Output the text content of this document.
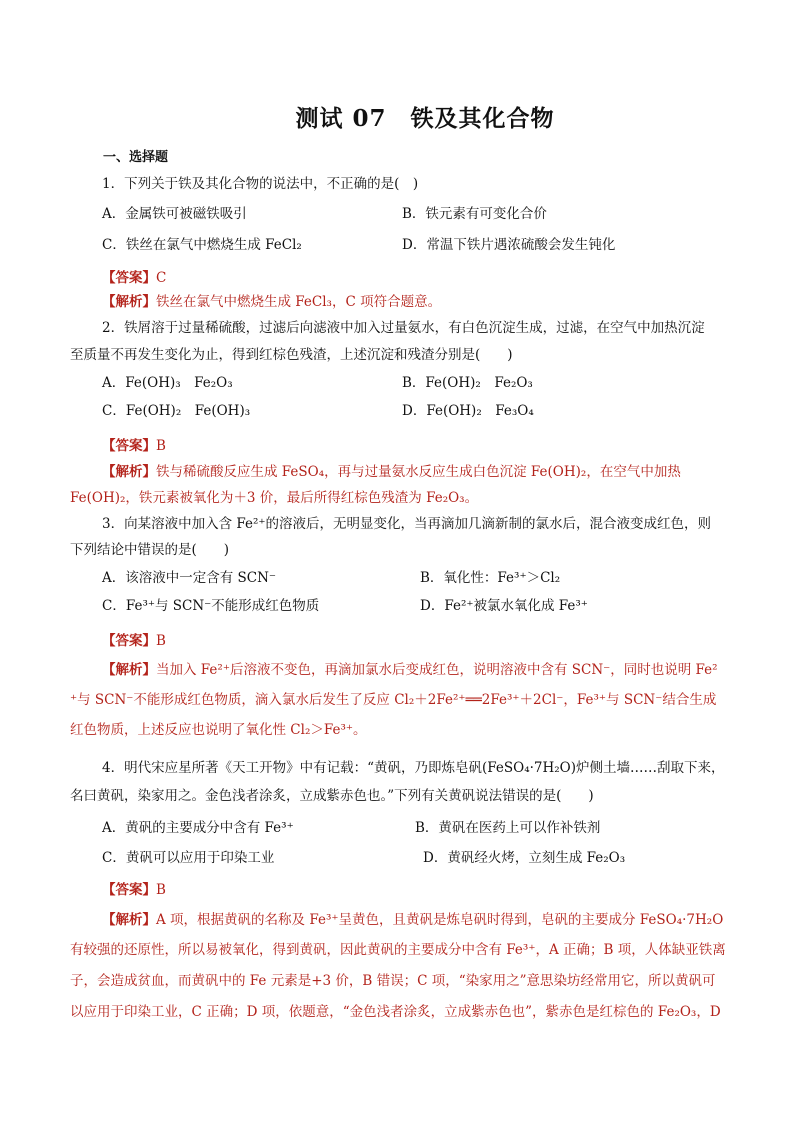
测试 07　铁及其化合物
一、选择题
1．下列关于铁及其化合物的说法中，不正确的是(　)
A．金属铁可被磁铁吸引	B．铁元素有可变化合价
C．铁丝在氯气中燃烧生成 FeCl₂	D．常温下铁片遇浓硫酸会发生钝化
【答案】C
【解析】铁丝在氯气中燃烧生成 FeCl₃，C 项符合题意。
2．铁屑溶于过量稀硫酸，过滤后向滤液中加入过量氨水，有白色沉淀生成，过滤，在空气中加热沉淀
至质量不再发生变化为止，得到红棕色残渣，上述沉淀和残渣分别是(　　)
A．Fe(OH)₃　Fe₂O₃	B．Fe(OH)₂　Fe₂O₃
C．Fe(OH)₂　Fe(OH)₃	D．Fe(OH)₂　Fe₃O₄
【答案】B
【解析】铁与稀硫酸反应生成 FeSO₄，再与过量氨水反应生成白色沉淀 Fe(OH)₂，在空气中加热
Fe(OH)₂，铁元素被氧化为＋3 价，最后所得红棕色残渣为 Fe₂O₃。
3．向某溶液中加入含 Fe²⁺的溶液后，无明显变化，当再滴加几滴新制的氯水后，混合液变成红色，则
下列结论中错误的是(　　)
A．该溶液中一定含有 SCN⁻	B．氧化性：Fe³⁺＞Cl₂
C．Fe³⁺与 SCN⁻不能形成红色物质	D．Fe²⁺被氯水氧化成 Fe³⁺
【答案】B
【解析】当加入 Fe²⁺后溶液不变色，再滴加氯水后变成红色，说明溶液中含有 SCN⁻，同时也说明 Fe²
⁺与 SCN⁻不能形成红色物质，滴入氯水后发生了反应 Cl₂＋2Fe²⁺══2Fe³⁺＋2Cl⁻，Fe³⁺与 SCN⁻结合生成
红色物质，上述反应也说明了氧化性 Cl₂＞Fe³⁺。
4．明代宋应星所著《天工开物》中有记载：“黄矾，乃即炼皂矾(FeSO₄·7H₂O)炉侧土墙……刮取下来，
名曰黄矾，染家用之。金色浅者涂炙，立成紫赤色也。”下列有关黄矾说法错误的是(　　)
A．黄矾的主要成分中含有 Fe³⁺	B．黄矾在医药上可以作补铁剂
C．黄矾可以应用于印染工业	D．黄矾经火烤，立刻生成 Fe₂O₃
【答案】B
【解析】A 项，根据黄矾的名称及 Fe³⁺呈黄色，且黄矾是炼皂矾时得到，皂矾的主要成分 FeSO₄·7H₂O
有较强的还原性，所以易被氧化，得到黄矾，因此黄矾的主要成分中含有 Fe³⁺，A 正确；B 项，人体缺亚铁离
子，会造成贫血，而黄矾中的 Fe 元素是+3 价，B 错误；C 项，“染家用之”意思染坊经常用它，所以黄矾可
以应用于印染工业，C 正确；D 项，依题意，“金色浅者涂炙，立成紫赤色也”，紫赤色是红棕色的 Fe₂O₃，D
